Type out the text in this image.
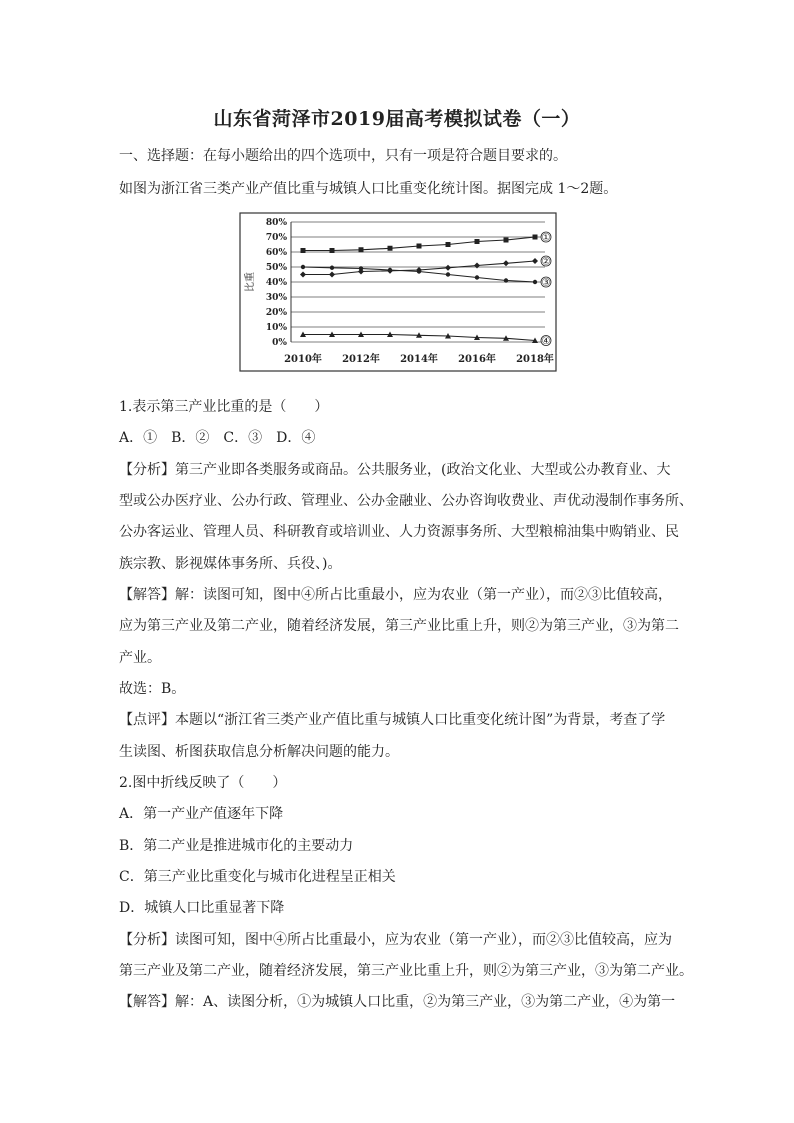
山东省菏泽市2019届高考模拟试卷（一）
一、选择题：在每小题给出的四个选项中，只有一项是符合题目要求的。
如图为浙江省三类产业产值比重与城镇人口比重变化统计图。据图完成 1～2题。
80%
70%
60%
50%
40%
30%
20%
10%
0%
比重
2010年 2012年 2014年 2016年 2018年
①
②
③
④
1.表示第三产业比重的是（　　）
A．①　B．②　C．③　D．④
【分析】第三产业即各类服务或商品。公共服务业，(政治文化业、大型或公办教育业、大
型或公办医疗业、公办行政、管理业、公办金融业、公办咨询收费业、声优动漫制作事务所、
公办客运业、管理人员、科研教育或培训业、人力资源事务所、大型粮棉油集中购销业、民
族宗教、影视媒体事务所、兵役、)。
【解答】解：读图可知，图中④所占比重最小，应为农业（第一产业），而②③比值较高，
应为第三产业及第二产业，随着经济发展，第三产业比重上升，则②为第三产业，③为第二
产业。
故选：B。
【点评】本题以“浙江省三类产业产值比重与城镇人口比重变化统计图”为背景，考查了学
生读图、析图获取信息分析解决问题的能力。
2.图中折线反映了（　　）
A．第一产业产值逐年下降
B．第二产业是推进城市化的主要动力
C．第三产业比重变化与城市化进程呈正相关
D．城镇人口比重显著下降
【分析】读图可知，图中④所占比重最小，应为农业（第一产业），而②③比值较高，应为
第三产业及第二产业，随着经济发展，第三产业比重上升，则②为第三产业，③为第二产业。
【解答】解：A、读图分析，①为城镇人口比重，②为第三产业，③为第二产业，④为第一
